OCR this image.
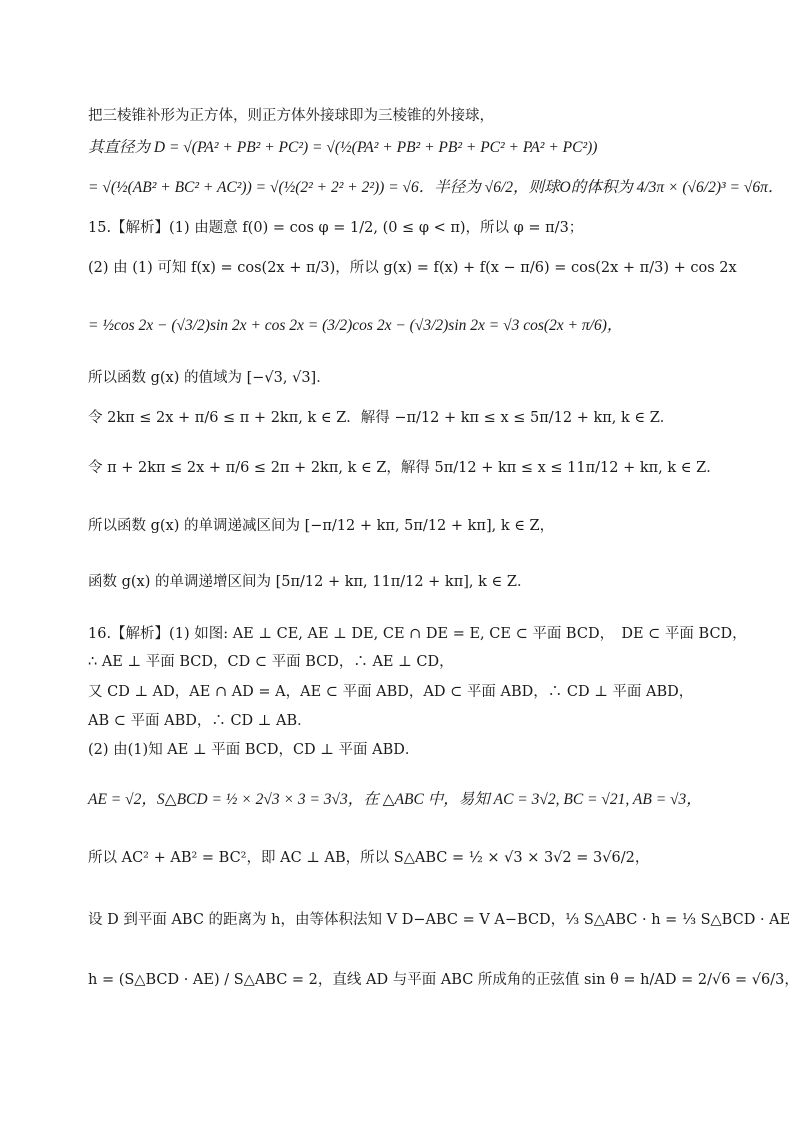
把三棱锥补形为正方体，则正方体外接球即为三棱锥的外接球，
其直径为 D = √(PA² + PB² + PC²) = √(½(PA² + PB² + PB² + PC² + PA² + PC²))
= √(½(AB² + BC² + AC²)) = √(½(2² + 2² + 2²)) = √6．半径为 √6/2，则球O的体积为 4/3π × (√6/2)³ = √6π．
15.【解析】(1) 由题意 f(0) = cos φ = 1/2, (0 ≤ φ < π)，所以 φ = π/3；
(2) 由 (1) 可知 f(x) = cos(2x + π/3)，所以 g(x) = f(x) + f(x − π/6) = cos(2x + π/3) + cos 2x
= ½cos 2x − (√3/2)sin 2x + cos 2x = (3/2)cos 2x − (√3/2)sin 2x = √3 cos(2x + π/6)，
所以函数 g(x) 的值域为 [−√3, √3]．
令 2kπ ≤ 2x + π/6 ≤ π + 2kπ, k ∈ Z．解得 −π/12 + kπ ≤ x ≤ 5π/12 + kπ, k ∈ Z．
令 π + 2kπ ≤ 2x + π/6 ≤ 2π + 2kπ, k ∈ Z，解得 5π/12 + kπ ≤ x ≤ 11π/12 + kπ, k ∈ Z．
所以函数 g(x) 的单调递减区间为 [−π/12 + kπ, 5π/12 + kπ], k ∈ Z，
函数 g(x) 的单调递增区间为 [5π/12 + kπ, 11π/12 + kπ], k ∈ Z．
16.【解析】(1) 如图: AE ⊥ CE, AE ⊥ DE, CE ∩ DE = E, CE ⊂ 平面 BCD，　DE ⊂ 平面 BCD，
∴ AE ⊥ 平面 BCD，CD ⊂ 平面 BCD，∴ AE ⊥ CD，
又 CD ⊥ AD，AE ∩ AD = A，AE ⊂ 平面 ABD，AD ⊂ 平面 ABD，∴ CD ⊥ 平面 ABD，
AB ⊂ 平面 ABD，∴ CD ⊥ AB．
(2) 由(1)知 AE ⊥ 平面 BCD，CD ⊥ 平面 ABD．
AE = √2，S△BCD = ½ × 2√3 × 3 = 3√3，在 △ABC 中，易知 AC = 3√2, BC = √21, AB = √3，
所以 AC² + AB² = BC²，即 AC ⊥ AB，所以 S△ABC = ½ × √3 × 3√2 = 3√6/2，
设 D 到平面 ABC 的距离为 h，由等体积法知 V D−ABC = V A−BCD，⅓ S△ABC · h = ⅓ S△BCD · AE
h = (S△BCD · AE) / S△ABC = 2，直线 AD 与平面 ABC 所成角的正弦值 sin θ = h/AD = 2/√6 = √6/3，
